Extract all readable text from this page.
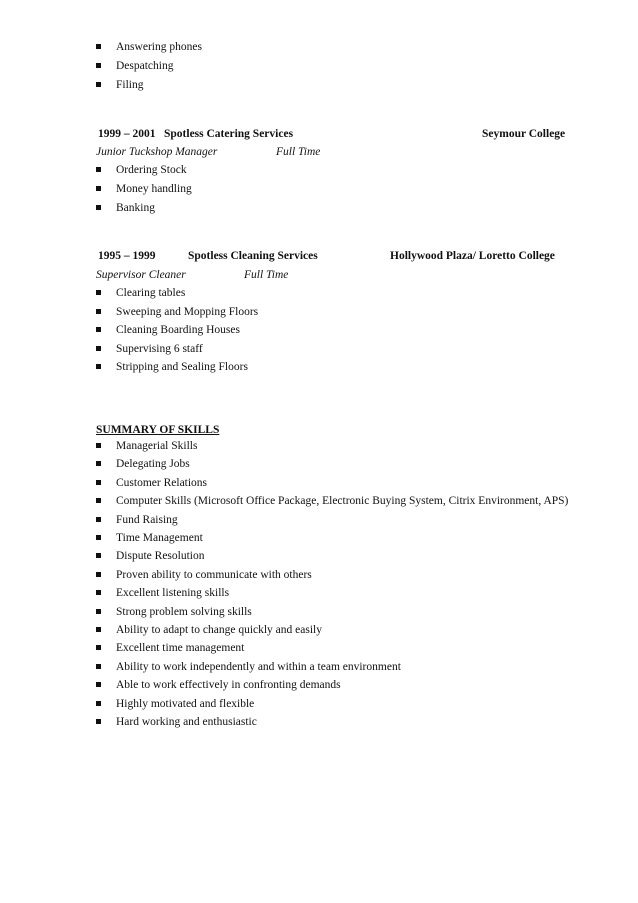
Answering phones
Despatching
Filing
1999 – 2001 Spotless Catering Services	Seymour College
Junior Tuckshop Manager	Full Time
Ordering Stock
Money handling
Banking
1995 – 1999	Spotless Cleaning Services	Hollywood Plaza/ Loretto College
Supervisor Cleaner	Full Time
Clearing tables
Sweeping and Mopping Floors
Cleaning Boarding Houses
Supervising 6 staff
Stripping and Sealing Floors
SUMMARY OF SKILLS
Managerial Skills
Delegating Jobs
Customer Relations
Computer Skills (Microsoft Office Package, Electronic Buying System, Citrix Environment, APS)
Fund Raising
Time Management
Dispute Resolution
Proven ability to communicate with others
Excellent listening skills
Strong problem solving skills
Ability to adapt to change quickly and easily
Excellent time management
Ability to work independently and within a team environment
Able to work effectively in confronting demands
Highly motivated and flexible
Hard working and enthusiastic
